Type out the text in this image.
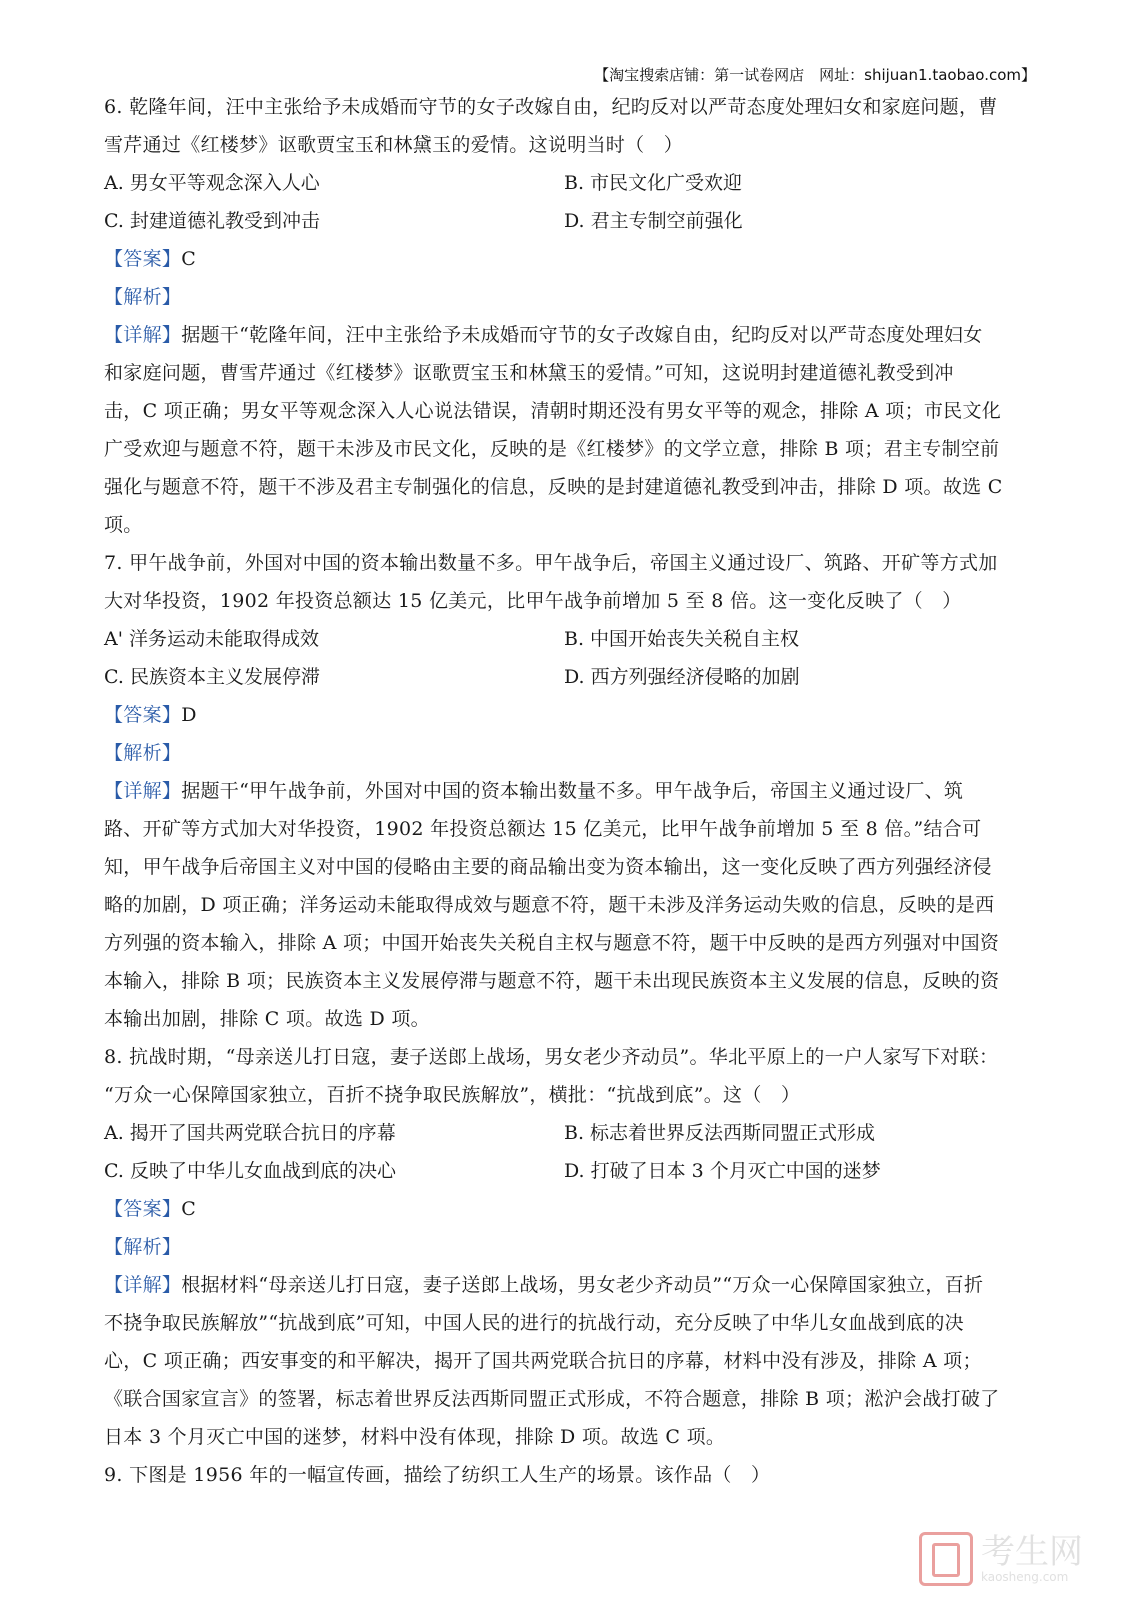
【淘宝搜索店铺：第一试卷网店　网址：shijuan1.taobao.com】
6. 乾隆年间，汪中主张给予未成婚而守节的女子改嫁自由，纪昀反对以严苛态度处理妇女和家庭问题，曹
雪芹通过《红楼梦》讴歌贾宝玉和林黛玉的爱情。这说明当时（　）
A. 男女平等观念深入人心	B. 市民文化广受欢迎
C. 封建道德礼教受到冲击	D. 君主专制空前强化
【答案】C
【解析】
【详解】据题干“乾隆年间，汪中主张给予未成婚而守节的女子改嫁自由，纪昀反对以严苛态度处理妇女
和家庭问题，曹雪芹通过《红楼梦》讴歌贾宝玉和林黛玉的爱情。”可知，这说明封建道德礼教受到冲
击，C 项正确；男女平等观念深入人心说法错误，清朝时期还没有男女平等的观念，排除 A 项；市民文化
广受欢迎与题意不符，题干未涉及市民文化，反映的是《红楼梦》的文学立意，排除 B 项；君主专制空前
强化与题意不符，题干不涉及君主专制强化的信息，反映的是封建道德礼教受到冲击，排除 D 项。故选 C
项。
7. 甲午战争前，外国对中国的资本输出数量不多。甲午战争后，帝国主义通过设厂、筑路、开矿等方式加
大对华投资，1902 年投资总额达 15 亿美元，比甲午战争前增加 5 至 8 倍。这一变化反映了（　）
A' 洋务运动未能取得成效	B. 中国开始丧失关税自主权
C. 民族资本主义发展停滞	D. 西方列强经济侵略的加剧
【答案】D
【解析】
【详解】据题干“甲午战争前，外国对中国的资本输出数量不多。甲午战争后，帝国主义通过设厂、筑
路、开矿等方式加大对华投资，1902 年投资总额达 15 亿美元，比甲午战争前增加 5 至 8 倍。”结合可
知，甲午战争后帝国主义对中国的侵略由主要的商品输出变为资本输出，这一变化反映了西方列强经济侵
略的加剧，D 项正确；洋务运动未能取得成效与题意不符，题干未涉及洋务运动失败的信息，反映的是西
方列强的资本输入，排除 A 项；中国开始丧失关税自主权与题意不符，题干中反映的是西方列强对中国资
本输入，排除 B 项；民族资本主义发展停滞与题意不符，题干未出现民族资本主义发展的信息，反映的资
本输出加剧，排除 C 项。故选 D 项。
8. 抗战时期，“母亲送儿打日寇，妻子送郎上战场，男女老少齐动员”。华北平原上的一户人家写下对联：
“万众一心保障国家独立，百折不挠争取民族解放”，横批：“抗战到底”。这（　）
A. 揭开了国共两党联合抗日的序幕	B. 标志着世界反法西斯同盟正式形成
C. 反映了中华儿女血战到底的决心	D. 打破了日本 3 个月灭亡中国的迷梦
【答案】C
【解析】
【详解】根据材料“母亲送儿打日寇，妻子送郎上战场，男女老少齐动员”“万众一心保障国家独立，百折
不挠争取民族解放”“抗战到底”可知，中国人民的进行的抗战行动，充分反映了中华儿女血战到底的决
心，C 项正确；西安事变的和平解决，揭开了国共两党联合抗日的序幕，材料中没有涉及，排除 A 项；
《联合国家宣言》的签署，标志着世界反法西斯同盟正式形成，不符合题意，排除 B 项；淞沪会战打破了
日本 3 个月灭亡中国的迷梦，材料中没有体现，排除 D 项。故选 C 项。
9. 下图是 1956 年的一幅宣传画，描绘了纺织工人生产的场景。该作品（　）
考生网
kaosheng.com
